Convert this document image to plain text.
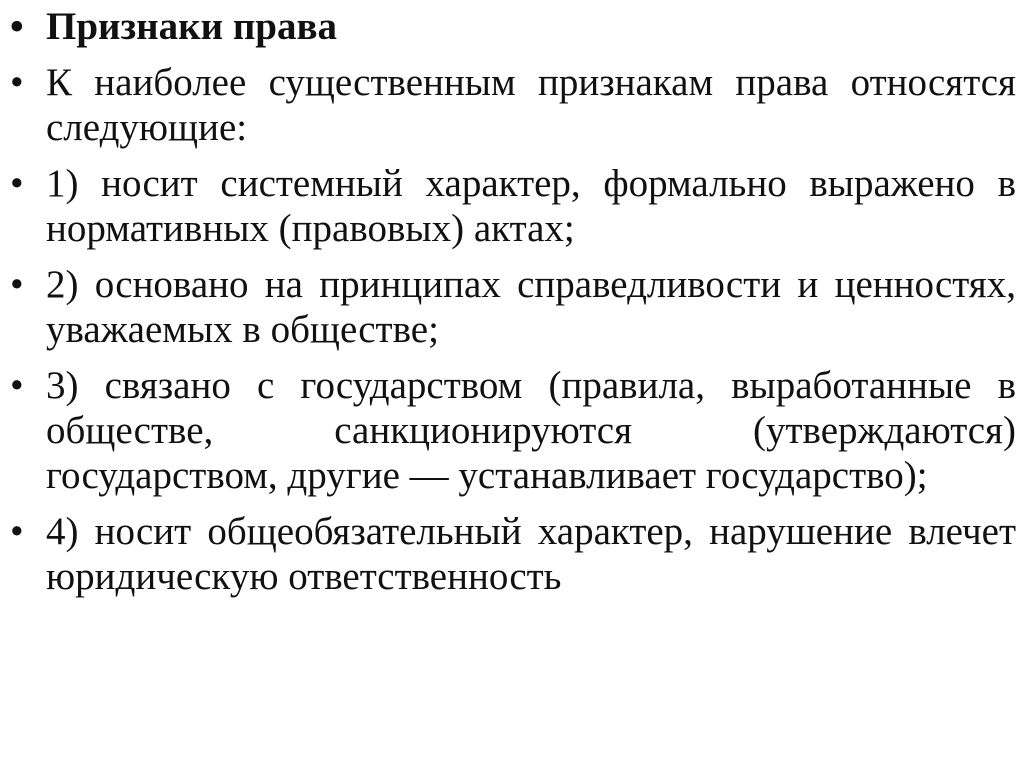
• Признаки права
• К наиболее существенным признакам права относятся следующие:
• 1) носит системный характер, формально выражено в нормативных (правовых) актах;
• 2) основано на принципах справедливости и ценностях, уважаемых в обществе;
• 3) связано с государством (правила, выработанные в обществе, санкционируются (утверждаются) государством, другие — устанавливает государство);
• 4) носит общеобязательный характер, нарушение влечет юридическую ответственность
